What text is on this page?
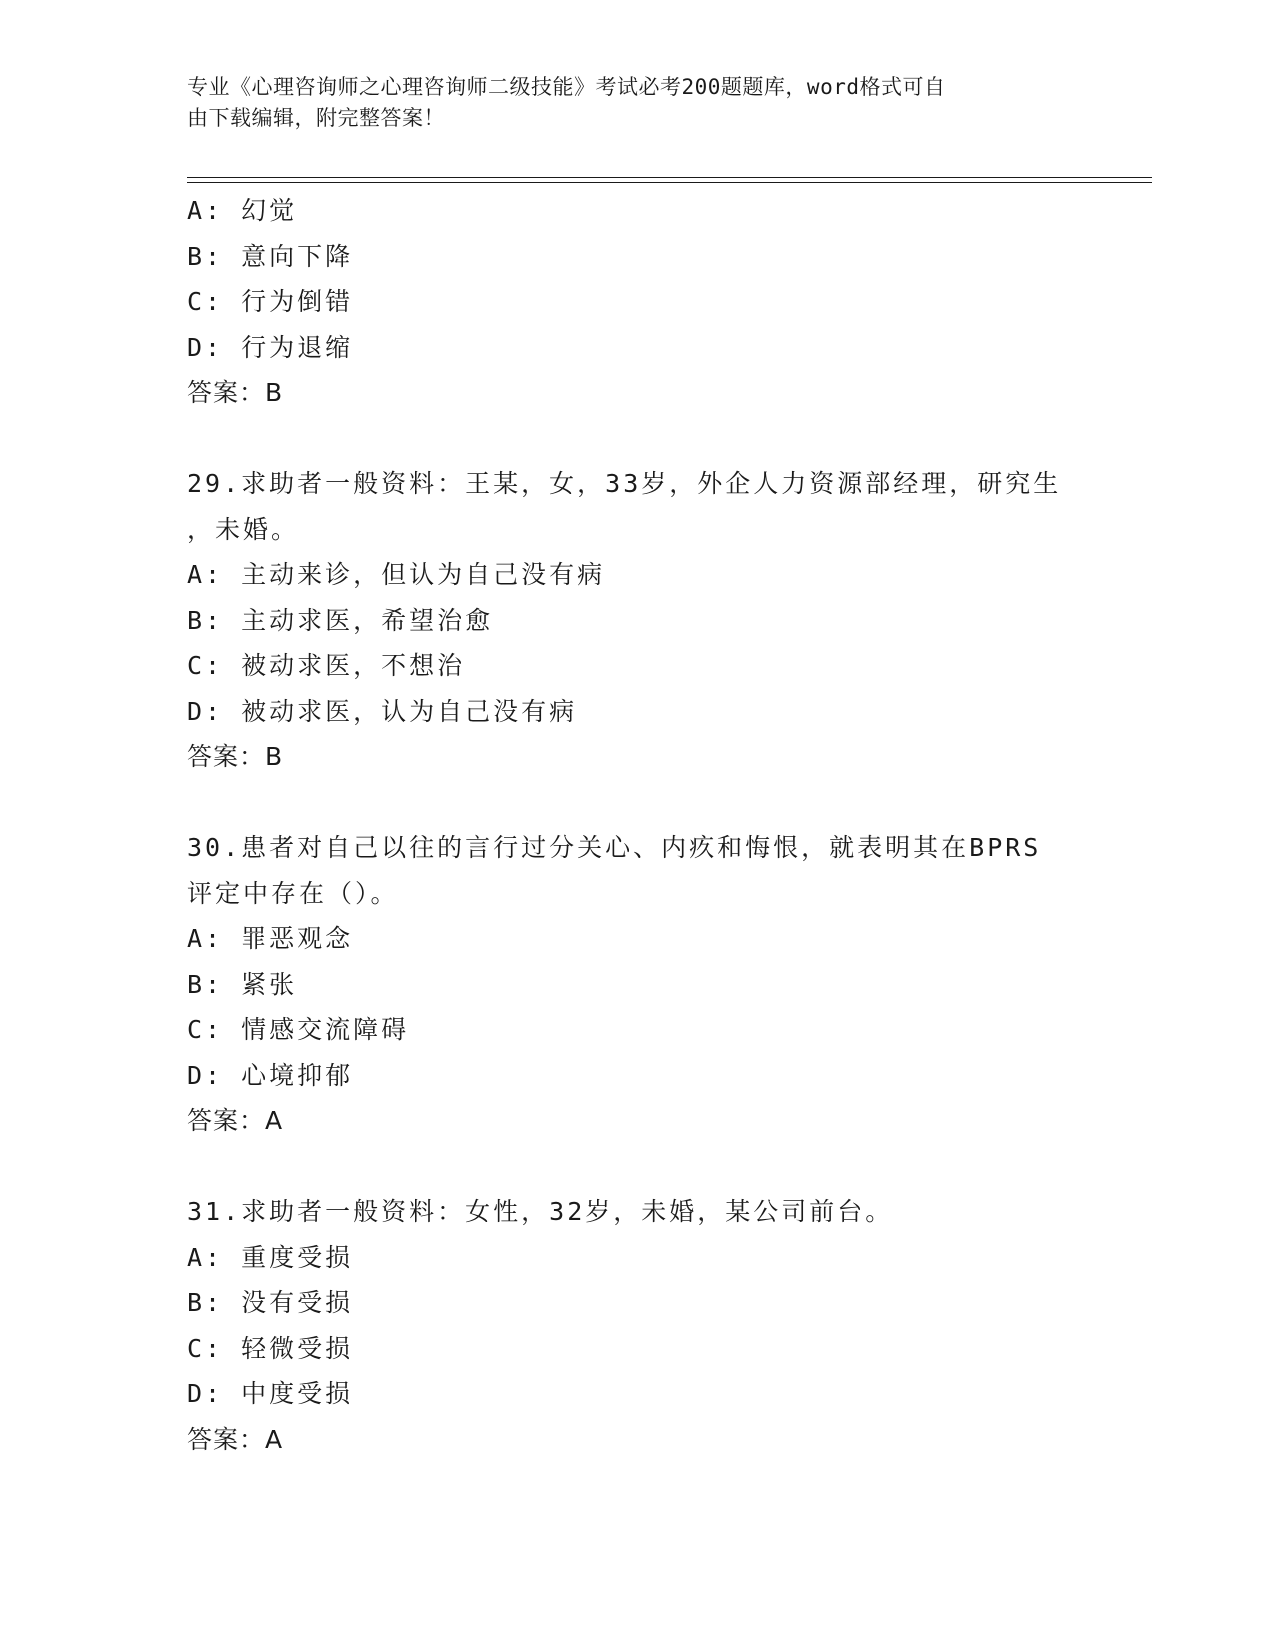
专业《心理咨询师之心理咨询师二级技能》考试必考200题题库，word格式可自
由下载编辑，附完整答案！
A: 幻觉
B: 意向下降
C: 行为倒错
D: 行为退缩
答案：B
29.求助者一般资料：王某，女，33岁，外企人力资源部经理，研究生
，未婚。
A: 主动来诊，但认为自己没有病
B: 主动求医，希望治愈
C: 被动求医，不想治
D: 被动求医，认为自己没有病
答案：B
30.患者对自己以往的言行过分关心、内疚和悔恨，就表明其在BPRS
评定中存在（）。
A: 罪恶观念
B: 紧张
C: 情感交流障碍
D: 心境抑郁
答案：A
31.求助者一般资料：女性，32岁，未婚，某公司前台。
A: 重度受损
B: 没有受损
C: 轻微受损
D: 中度受损
答案：A
